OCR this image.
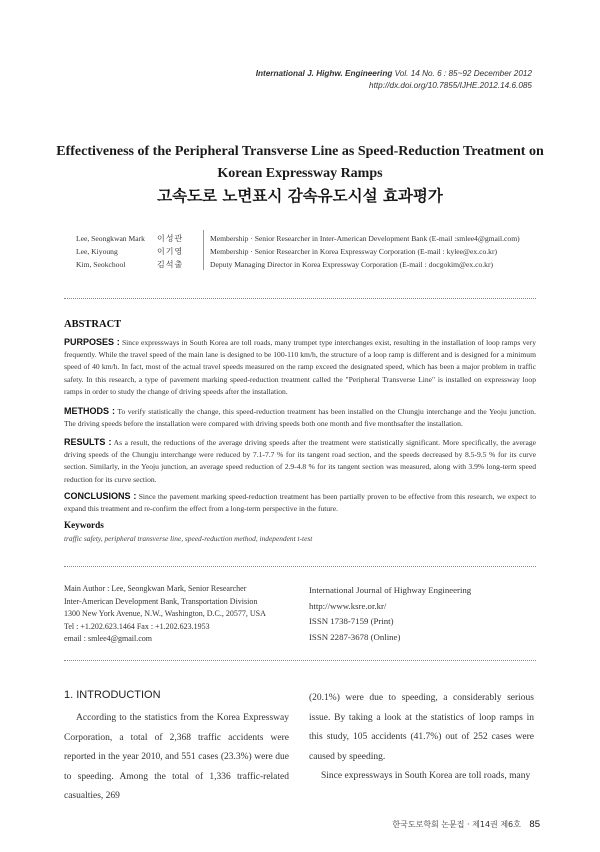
International J. Highw. Engineering Vol. 14 No. 6 : 85~92 December 2012
http://dx.doi.org/10.7855/IJHE.2012.14.6.085
Effectiveness of the Peripheral Transverse Line as Speed-Reduction Treatment on
Korean Expressway Ramps
고속도로 노면표시 감속유도시설 효과평가
Lee, Seongkwan Mark
Lee, Kiyoung
Kim, Seokchool
이성관
이기영
김석출
Membership · Senior Researcher in Inter-American Development Bank (E-mail :smlee4@gmail.com)
Membership · Senior Researcher in Korea Expressway Corporation (E-mail : kylee@ex.co.kr)
Deputy Managing Director in Korea Expressway Corporation (E-mail : docgokim@ex.co.kr)
ABSTRACT
PURPOSES : Since expressways in South Korea are toll roads, many trumpet type interchanges exist, resulting in the installation of loop ramps very frequently. While the travel speed of the main lane is designed to be 100-110 km/h, the structure of a loop ramp is different and is designed for a minimum speed of 40 km/h. In fact, most of the actual travel speeds measured on the ramp exceed the designated speed, which has been a major problem in traffic safety. In this research, a type of pavement marking speed-reduction treatment called the "Peripheral Transverse Line" is installed on expressway loop ramps in order to study the change of driving speeds after the installation.
METHODS : To verify statistically the change, this speed-reduction treatment has been installed on the Chungju interchange and the Yeoju junction. The driving speeds before the installation were compared with driving speeds both one month and five monthsafter the installation.
RESULTS : As a result, the reductions of the average driving speeds after the treatment were statistically significant. More specifically, the average driving speeds of the Chungju interchange were reduced by 7.1-7.7 % for its tangent road section, and the speeds decreased by 8.5-9.5 % for its curve section. Similarly, in the Yeoju junction, an average speed reduction of 2.9-4.8 % for its tangent section was measured, along with 3.9% long-term speed reduction for its curve section.
CONCLUSIONS : Since the pavement marking speed-reduction treatment has been partially proven to be effective from this research, we expect to expand this treatment and re-confirm the effect from a long-term perspective in the future.
Keywords
traffic safety, peripheral transverse line, speed-reduction method, independent t-test
Main Author : Lee, Seongkwan Mark, Senior Researcher
Inter-American Development Bank, Transportation Division
1300 New York Avenue, N.W., Washington, D.C., 20577, USA
Tel : +1.202.623.1464 Fax : +1.202.623.1953
email : smlee4@gmail.com
International Journal of Highway Engineering
http://www.ksre.or.kr/
ISSN 1738-7159 (Print)
ISSN 2287-3678 (Online)
1. INTRODUCTION
According to the statistics from the Korea Expressway Corporation, a total of 2,368 traffic accidents were reported in the year 2010, and 551 cases (23.3%) were due to speeding. Among the total of 1,336 traffic-related casualties, 269
(20.1%) were due to speeding, a considerably serious issue. By taking a look at the statistics of loop ramps in this study, 105 accidents (41.7%) out of 252 cases were caused by speeding.
Since expressways in South Korea are toll roads, many
한국도로학회 논문집 · 제14권 제6호 85
